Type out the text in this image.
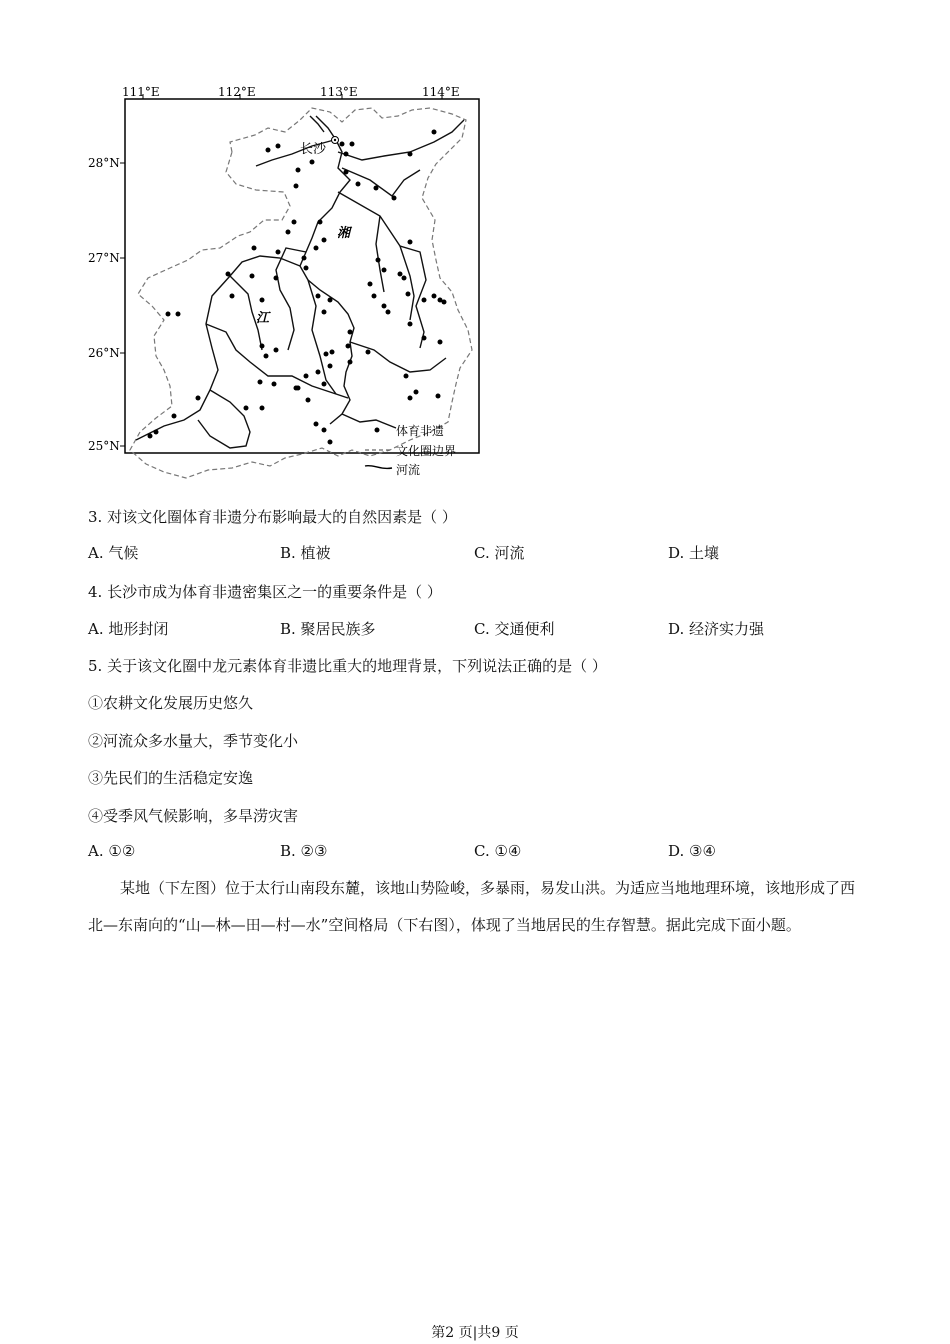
111°E	112°E	113°E	114°E
28°N
27°N
26°N
25°N
长沙
湘
江
体育非遗
文化圈边界
河流
3. 对该文化圈体育非遗分布影响最大的自然因素是（ ）
A. 气候	B. 植被	C. 河流	D. 土壤
4. 长沙市成为体育非遗密集区之一的重要条件是（ ）
A. 地形封闭	B. 聚居民族多	C. 交通便利	D. 经济实力强
5. 关于该文化圈中龙元素体育非遗比重大的地理背景，下列说法正确的是（ ）
①农耕文化发展历史悠久
②河流众多水量大，季节变化小
③先民们的生活稳定安逸
④受季风气候影响，多旱涝灾害
A. ①②	B. ②③	C. ①④	D. ③④
某地（下左图）位于太行山南段东麓，该地山势险峻，多暴雨，易发山洪。为适应当地地理环境，该地形成了西北—东南向的“山—林—田—村—水”空间格局（下右图），体现了当地居民的生存智慧。据此完成下面小题。
第2 页|共9 页
